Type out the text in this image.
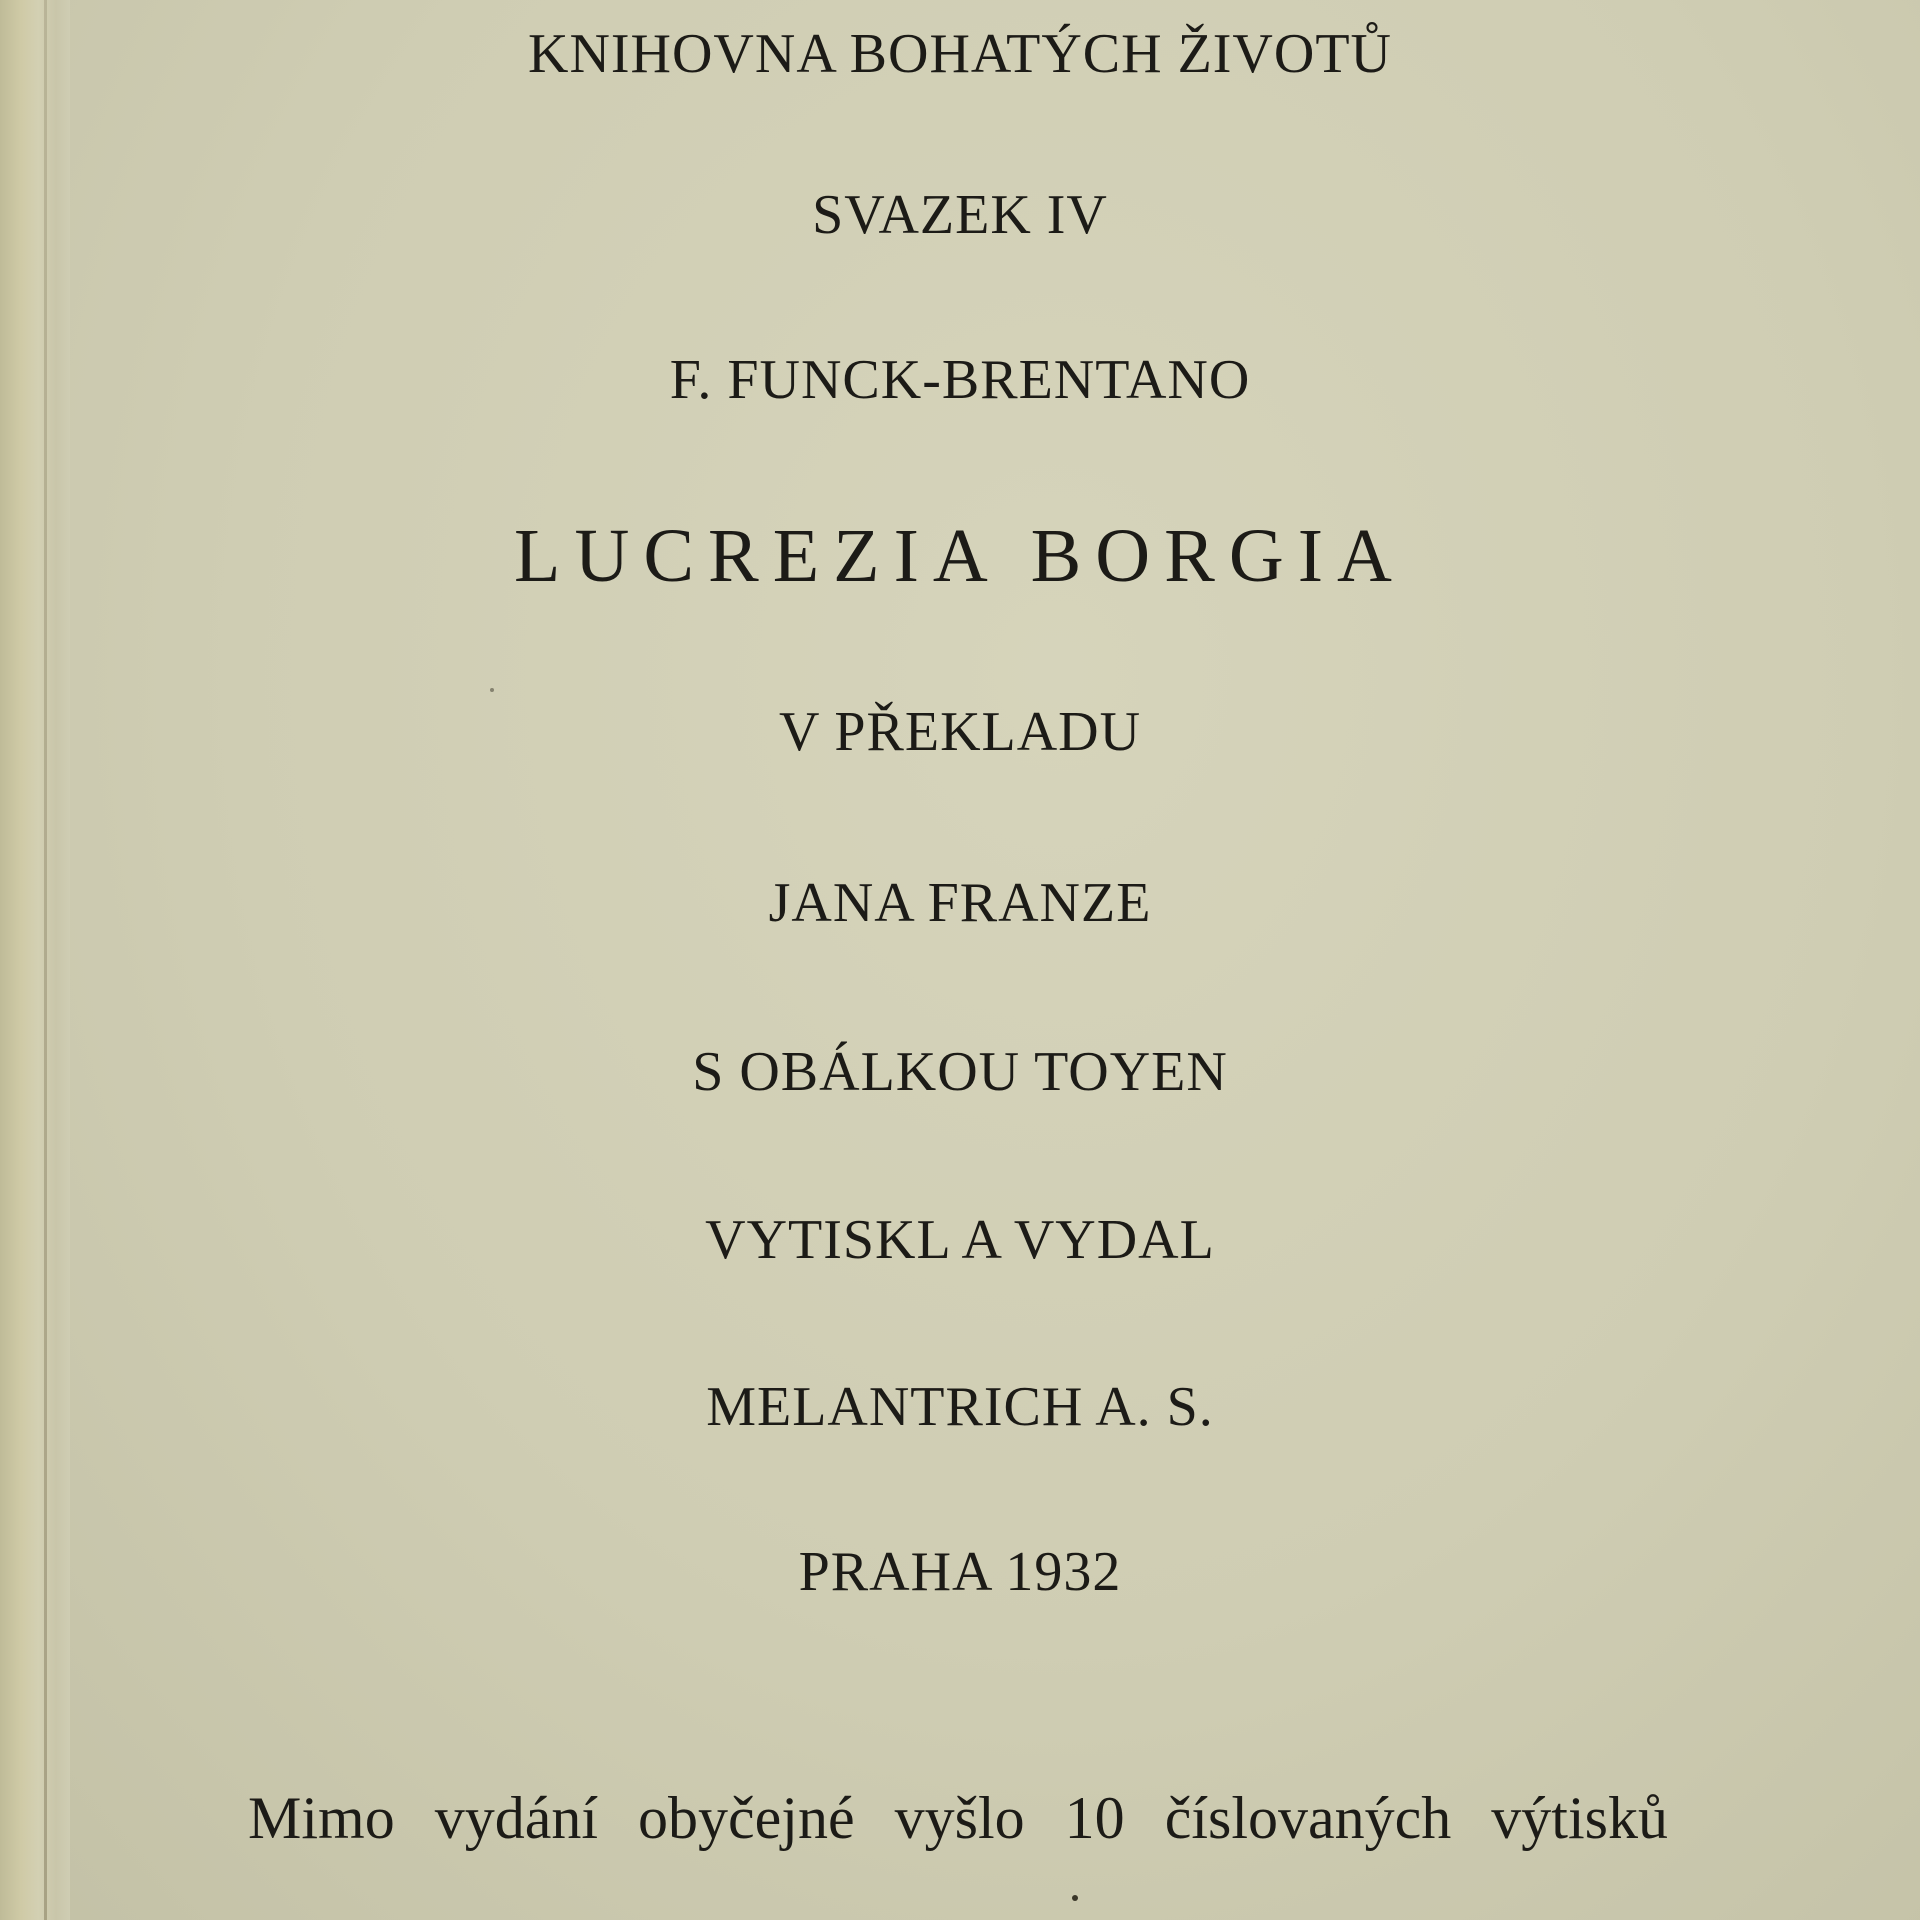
KNIHOVNA BOHATÝCH ŽIVOTŮ
SVAZEK IV
F. FUNCK-BRENTANO
LUCREZIA BORGIA
V PŘEKLADU
JANA FRANZE
S OBÁLKOU TOYEN
VYTISKL A VYDAL
MELANTRICH A. S.
PRAHA 1932
Mimo vydání obyčejné vyšlo 10 číslovaných výtisků
